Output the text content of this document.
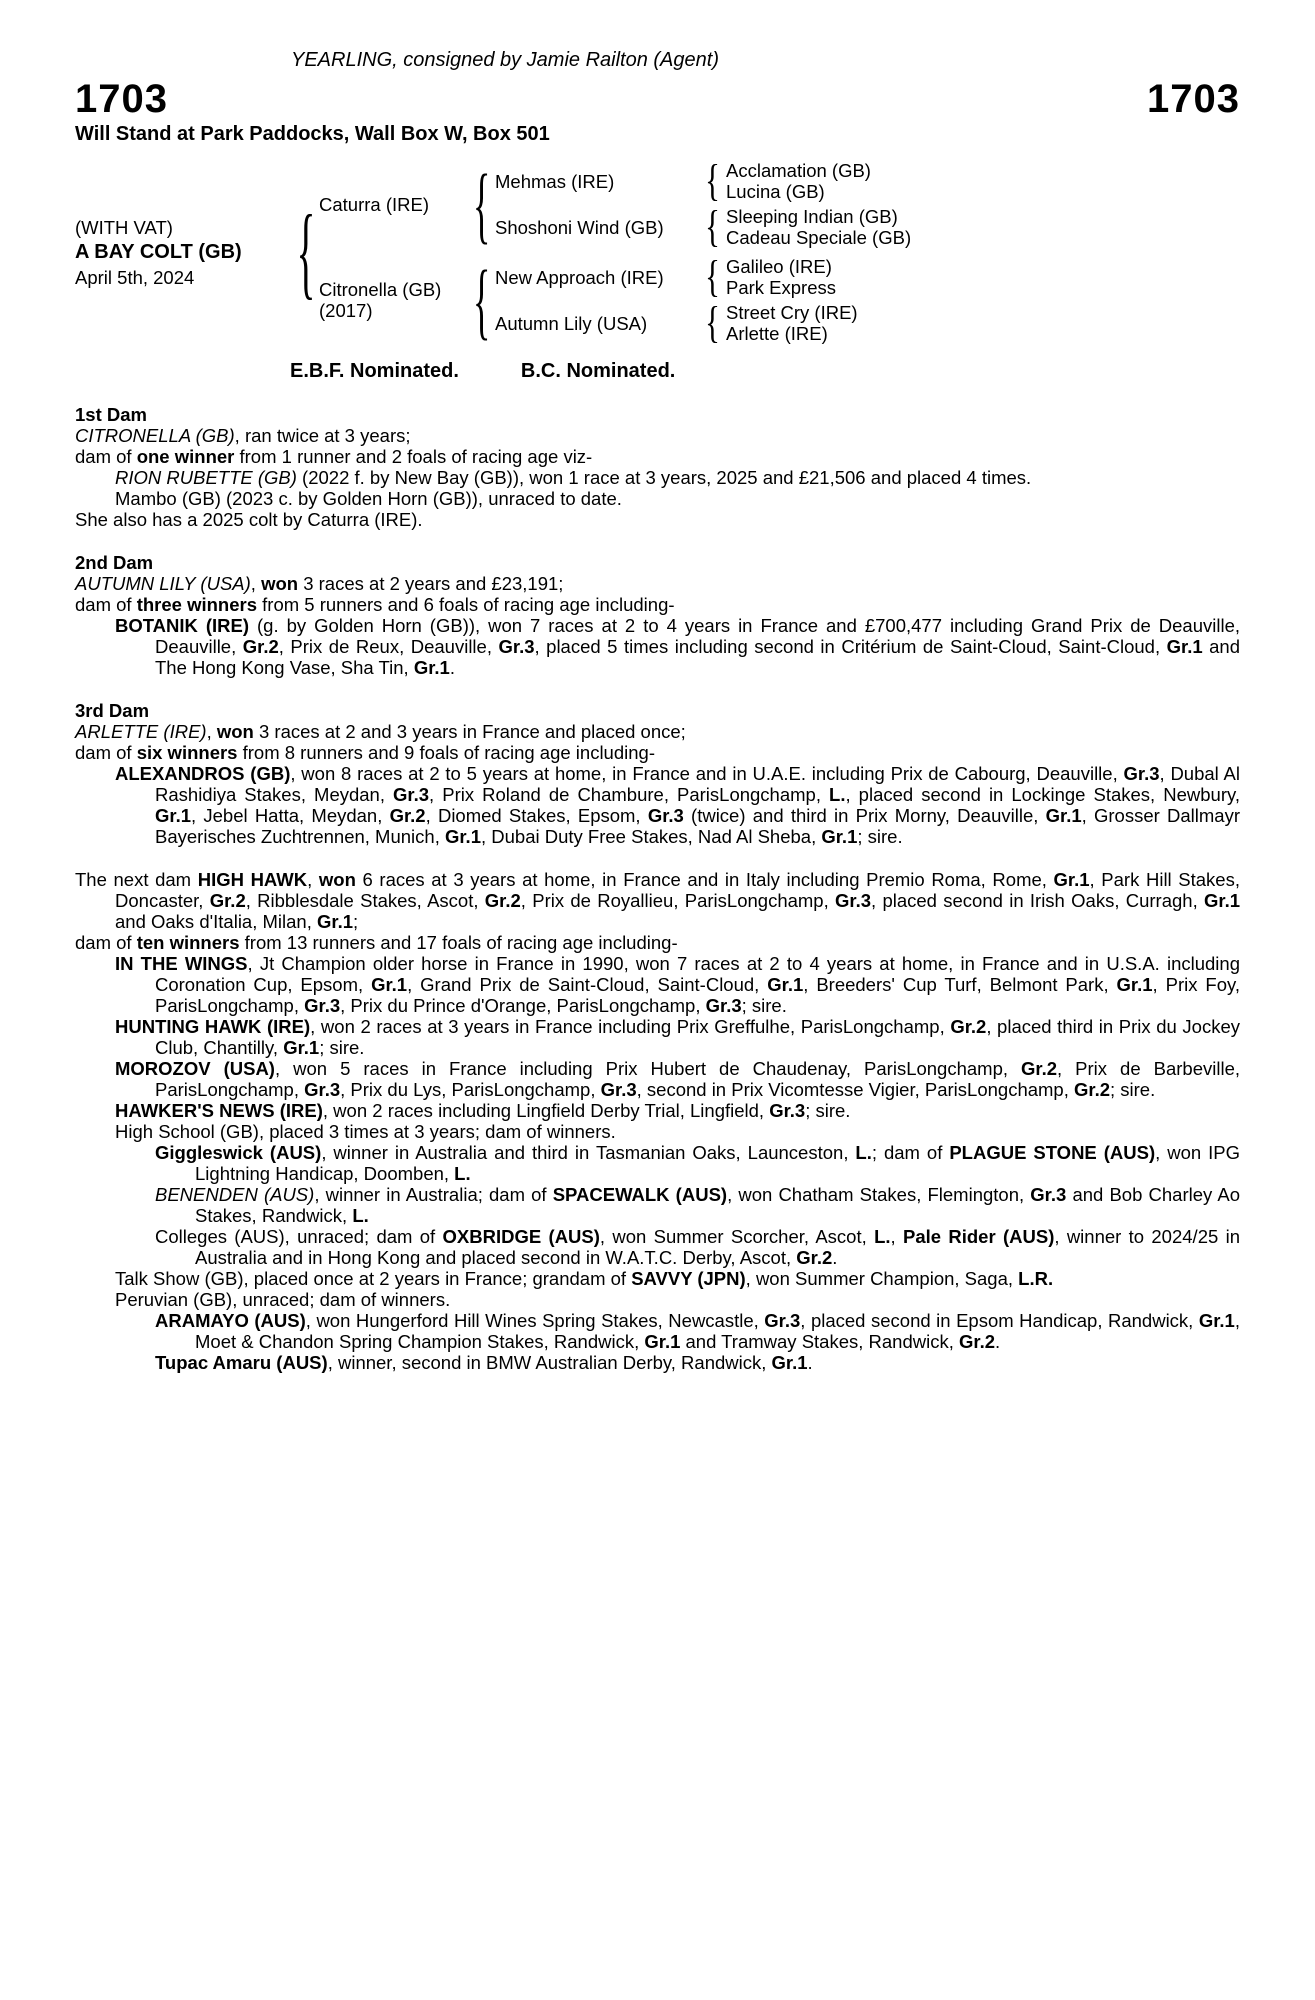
YEARLING, consigned by Jamie Railton (Agent)
1703	1703
Will Stand at Park Paddocks, Wall Box W, Box 501
(WITH VAT)
A BAY COLT (GB)
April 5th, 2024 { Caturra (IRE) { Mehmas (IRE)	{ Acclamation (GB)
Lucina (GB)
Shoshoni Wind (GB) { Sleeping Indian (GB)
Cadeau Speciale (GB)
Citronella (GB)
(2017)	{ New Approach (IRE) { Galileo (IRE)
Park Express
Autumn Lily (USA)	{ Street Cry (IRE)
Arlette (IRE)
E.B.F. Nominated.	B.C. Nominated.
1st Dam
CITRONELLA (GB), ran twice at 3 years;
dam of one winner from 1 runner and 2 foals of racing age viz-
RION RUBETTE (GB) (2022 f. by New Bay (GB)), won 1 race at 3 years, 2025 and £21,506 and placed 4 times.
Mambo (GB) (2023 c. by Golden Horn (GB)), unraced to date.
She also has a 2025 colt by Caturra (IRE).
2nd Dam
AUTUMN LILY (USA), won 3 races at 2 years and £23,191;
dam of three winners from 5 runners and 6 foals of racing age including-
BOTANIK (IRE) (g. by Golden Horn (GB)), won 7 races at 2 to 4 years in France and £700,477 including Grand Prix de Deauville, Deauville, Gr.2, Prix de Reux, Deauville, Gr.3, placed 5 times including second in Critérium de Saint-Cloud, Saint-Cloud, Gr.1 and The Hong Kong Vase, Sha Tin, Gr.1.
3rd Dam
ARLETTE (IRE), won 3 races at 2 and 3 years in France and placed once;
dam of six winners from 8 runners and 9 foals of racing age including-
ALEXANDROS (GB), won 8 races at 2 to 5 years at home, in France and in U.A.E. including Prix de Cabourg, Deauville, Gr.3, Dubal Al Rashidiya Stakes, Meydan, Gr.3, Prix Roland de Chambure, ParisLongchamp, L., placed second in Lockinge Stakes, Newbury, Gr.1, Jebel Hatta, Meydan, Gr.2, Diomed Stakes, Epsom, Gr.3 (twice) and third in Prix Morny, Deauville, Gr.1, Grosser Dallmayr Bayerisches Zuchtrennen, Munich, Gr.1, Dubai Duty Free Stakes, Nad Al Sheba, Gr.1; sire.
The next dam HIGH HAWK, won 6 races at 3 years at home, in France and in Italy including Premio Roma, Rome, Gr.1, Park Hill Stakes, Doncaster, Gr.2, Ribblesdale Stakes, Ascot, Gr.2, Prix de Royallieu, ParisLongchamp, Gr.3, placed second in Irish Oaks, Curragh, Gr.1 and Oaks d'Italia, Milan, Gr.1;
dam of ten winners from 13 runners and 17 foals of racing age including-
IN THE WINGS, Jt Champion older horse in France in 1990, won 7 races at 2 to 4 years at home, in France and in U.S.A. including Coronation Cup, Epsom, Gr.1, Grand Prix de Saint-Cloud, Saint-Cloud, Gr.1, Breeders' Cup Turf, Belmont Park, Gr.1, Prix Foy, ParisLongchamp, Gr.3, Prix du Prince d'Orange, ParisLongchamp, Gr.3; sire.
HUNTING HAWK (IRE), won 2 races at 3 years in France including Prix Greffulhe, ParisLongchamp, Gr.2, placed third in Prix du Jockey Club, Chantilly, Gr.1; sire.
MOROZOV (USA), won 5 races in France including Prix Hubert de Chaudenay, ParisLongchamp, Gr.2, Prix de Barbeville, ParisLongchamp, Gr.3, Prix du Lys, ParisLongchamp, Gr.3, second in Prix Vicomtesse Vigier, ParisLongchamp, Gr.2; sire.
HAWKER'S NEWS (IRE), won 2 races including Lingfield Derby Trial, Lingfield, Gr.3; sire.
High School (GB), placed 3 times at 3 years; dam of winners.
Giggleswick (AUS), winner in Australia and third in Tasmanian Oaks, Launceston, L.; dam of PLAGUE STONE (AUS), won IPG Lightning Handicap, Doomben, L.
BENENDEN (AUS), winner in Australia; dam of SPACEWALK (AUS), won Chatham Stakes, Flemington, Gr.3 and Bob Charley Ao Stakes, Randwick, L.
Colleges (AUS), unraced; dam of OXBRIDGE (AUS), won Summer Scorcher, Ascot, L., Pale Rider (AUS), winner to 2024/25 in Australia and in Hong Kong and placed second in W.A.T.C. Derby, Ascot, Gr.2.
Talk Show (GB), placed once at 2 years in France; grandam of SAVVY (JPN), won Summer Champion, Saga, L.R.
Peruvian (GB), unraced; dam of winners.
ARAMAYO (AUS), won Hungerford Hill Wines Spring Stakes, Newcastle, Gr.3, placed second in Epsom Handicap, Randwick, Gr.1, Moet & Chandon Spring Champion Stakes, Randwick, Gr.1 and Tramway Stakes, Randwick, Gr.2.
Tupac Amaru (AUS), winner, second in BMW Australian Derby, Randwick, Gr.1.
